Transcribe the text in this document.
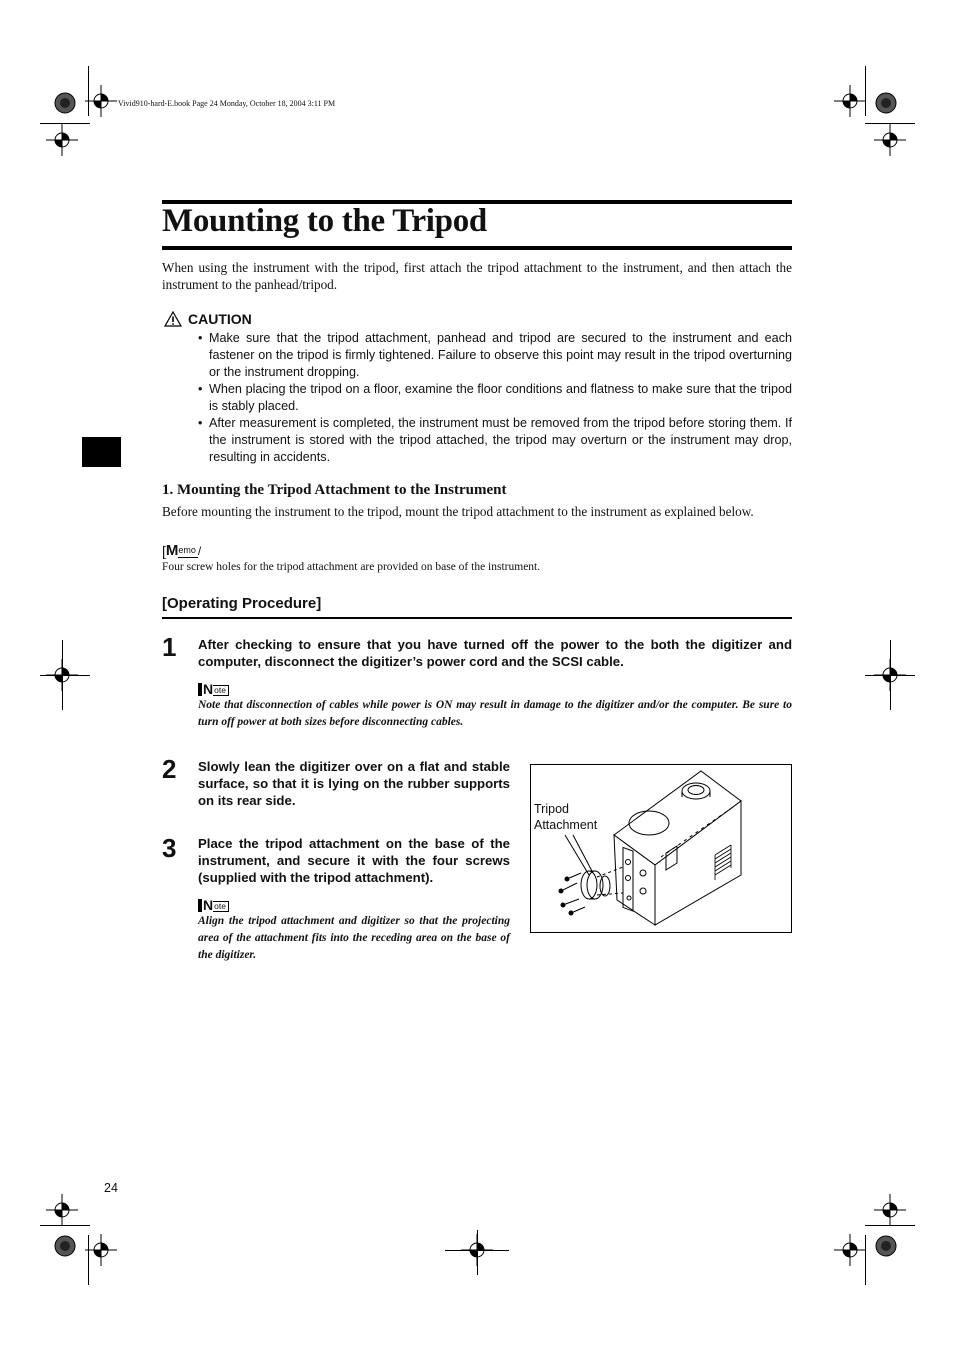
Vivid910-hard-E.book Page 24 Monday, October 18, 2004 3:11 PM
Mounting to the Tripod
When using the instrument with the tripod, first attach the tripod attachment to the instrument, and then attach the instrument to the panhead/tripod.
CAUTION
• Make sure that the tripod attachment, panhead and tripod are secured to the instrument and each fastener on the tripod is firmly tightened. Failure to observe this point may result in the tripod overturning or the instrument dropping.
• When placing the tripod on a floor, examine the floor conditions and flatness to make sure that the tripod is stably placed.
• After measurement is completed, the instrument must be removed from the tripod before storing them. If the instrument is stored with the tripod attached, the tripod may overturn or the instrument may drop, resulting in accidents.
1. Mounting the Tripod Attachment to the Instrument
Before mounting the instrument to the tripod, mount the tripod attachment to the instrument as explained below.
[ M emo /
Four screw holes for the tripod attachment are provided on base of the instrument.
[Operating Procedure]
1 After checking to ensure that you have turned off the power to the both the digitizer and computer, disconnect the digitizer’s power cord and the SCSI cable.
N ote
Note that disconnection of cables while power is ON may result in damage to the digitizer and/or the computer. Be sure to turn off power at both sizes before disconnecting cables.
2 Slowly lean the digitizer over on a flat and stable surface, so that it is lying on the rubber supports on its rear side.
3 Place the tripod attachment on the base of the instrument, and secure it with the four screws (supplied with the tripod attachment).
N ote
Align the tripod attachment and digitizer so that the projecting area of the attachment fits into the receding area on the base of the digitizer.
Tripod
Attachment
24
